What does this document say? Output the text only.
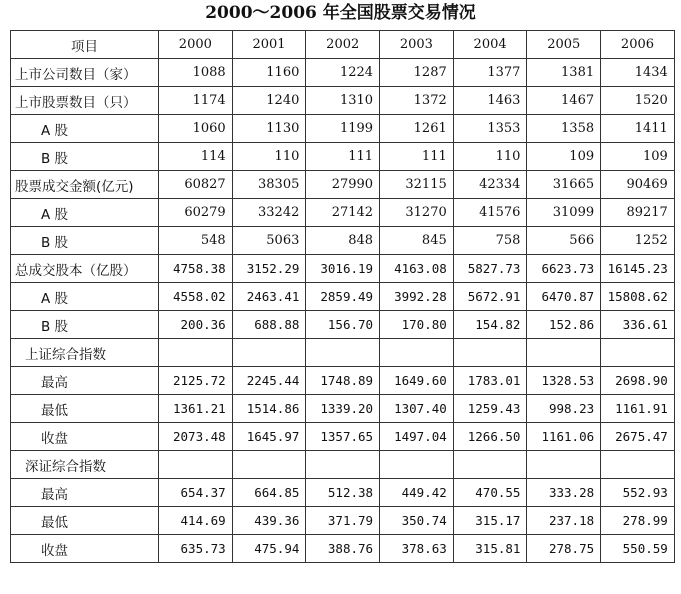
2000～2006 年全国股票交易情况
项目	2000	2001	2002	2003	2004	2005	2006
上市公司数目（家）	1088	1160	1224	1287	1377	1381	1434
上市股票数目（只）	1174	1240	1310	1372	1463	1467	1520
A 股	1060	1130	1199	1261	1353	1358	1411
B 股	114	110	111	111	110	109	109
股票成交金额(亿元)	60827	38305	27990	32115	42334	31665	90469
A 股	60279	33242	27142	31270	41576	31099	89217
B 股	548	5063	848	845	758	566	1252
总成交股本（亿股）	4758.38	3152.29	3016.19	4163.08	5827.73	6623.73	16145.23
A 股	4558.02	2463.41	2859.49	3992.28	5672.91	6470.87	15808.62
B 股	200.36	688.88	156.70	170.80	154.82	152.86	336.61
上证综合指数							
最高	2125.72	2245.44	1748.89	1649.60	1783.01	1328.53	2698.90
最低	1361.21	1514.86	1339.20	1307.40	1259.43	998.23	1161.91
收盘	2073.48	1645.97	1357.65	1497.04	1266.50	1161.06	2675.47
深证综合指数							
最高	654.37	664.85	512.38	449.42	470.55	333.28	552.93
最低	414.69	439.36	371.79	350.74	315.17	237.18	278.99
收盘	635.73	475.94	388.76	378.63	315.81	278.75	550.59
